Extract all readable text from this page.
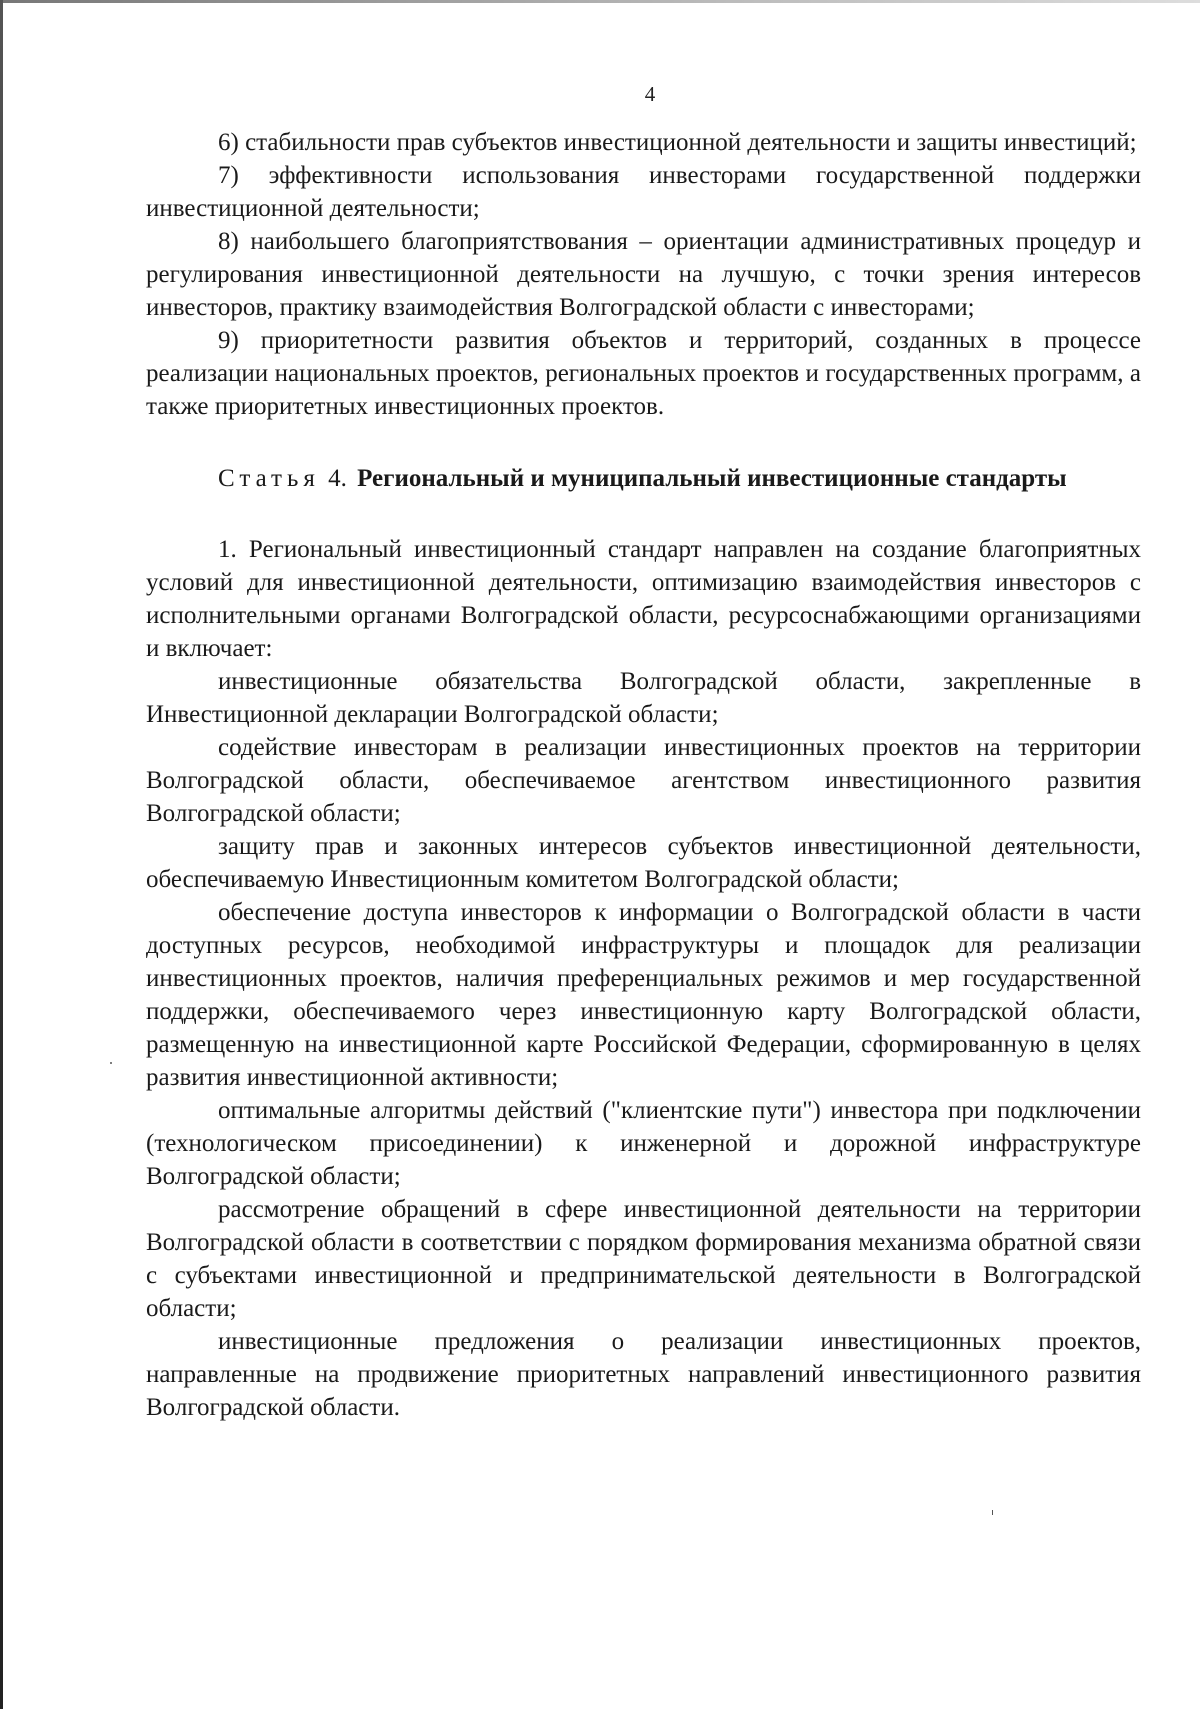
4

6) стабильности прав субъектов инвестиционной деятельности и защиты инвестиций;

7) эффективности использования инвесторами государственной поддержки инвестиционной деятельности;

8) наибольшего благоприятствования – ориентации административных процедур и регулирования инвестиционной деятельности на лучшую, с точки зрения интересов инвесторов, практику взаимодействия Волгоградской области с инвесторами;

9) приоритетности развития объектов и территорий, созданных в процессе реализации национальных проектов, региональных проектов и государственных программ, а также приоритетных инвестиционных проектов.

Статья 4. Региональный и муниципальный инвестиционные стандарты

1. Региональный инвестиционный стандарт направлен на создание благоприятных условий для инвестиционной деятельности, оптимизацию взаимодействия инвесторов с исполнительными органами Волгоградской области, ресурсоснабжающими организациями и включает:

инвестиционные обязательства Волгоградской области, закрепленные в Инвестиционной декларации Волгоградской области;

содействие инвесторам в реализации инвестиционных проектов на территории Волгоградской области, обеспечиваемое агентством инвестиционного развития Волгоградской области;

защиту прав и законных интересов субъектов инвестиционной деятельности, обеспечиваемую Инвестиционным комитетом Волгоградской области;

обеспечение доступа инвесторов к информации о Волгоградской области в части доступных ресурсов, необходимой инфраструктуры и площадок для реализации инвестиционных проектов, наличия преференциальных режимов и мер государственной поддержки, обеспечиваемого через инвестиционную карту Волгоградской области, размещенную на инвестиционной карте Российской Федерации, сформированную в целях развития инвестиционной активности;

оптимальные алгоритмы действий ("клиентские пути") инвестора при подключении (технологическом присоединении) к инженерной и дорожной инфраструктуре Волгоградской области;

рассмотрение обращений в сфере инвестиционной деятельности на территории Волгоградской области в соответствии с порядком формирования механизма обратной связи с субъектами инвестиционной и предпринимательской деятельности в Волгоградской области;

инвестиционные предложения о реализации инвестиционных проектов, направленные на продвижение приоритетных направлений инвестиционного развития Волгоградской области.
